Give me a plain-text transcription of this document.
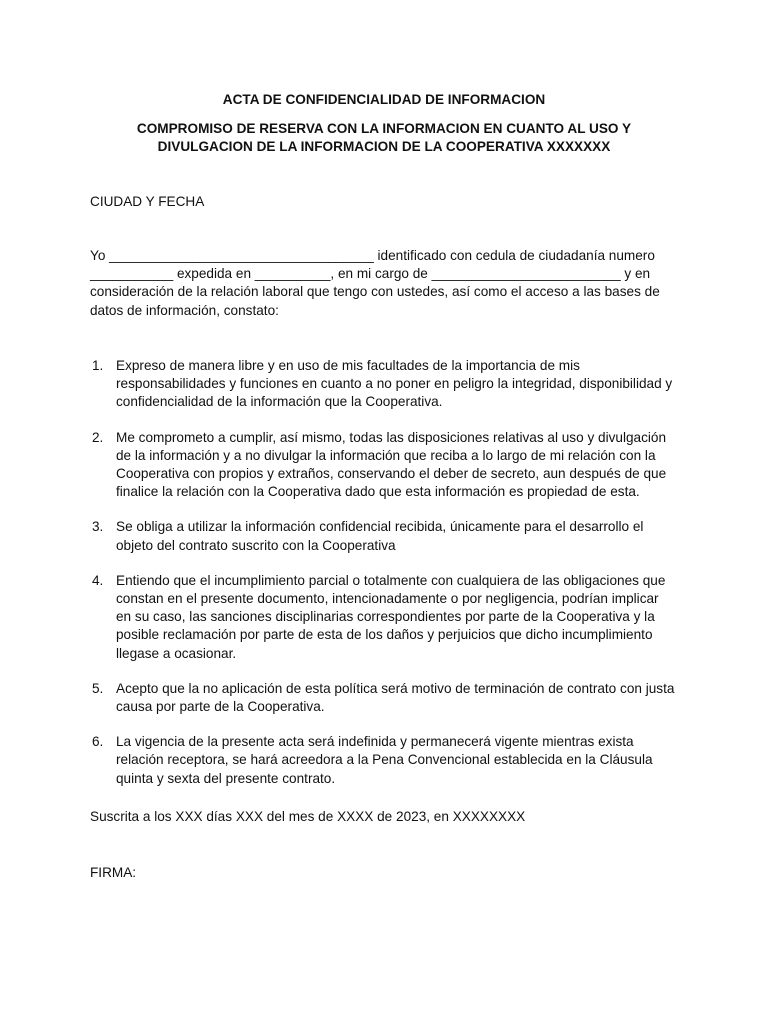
ACTA DE CONFIDENCIALIDAD DE INFORMACION
COMPROMISO DE RESERVA CON LA INFORMACION EN CUANTO AL USO Y
DIVULGACION DE LA INFORMACION DE LA COOPERATIVA XXXXXXX
CIUDAD Y FECHA
Yo ___________________________________ identificado con cedula de ciudadanía numero
___________ expedida en __________, en mi cargo de _________________________ y en
consideración de la relación laboral que tengo con ustedes, así como el acceso a las bases de
datos de información, constato:
1. Expreso de manera libre y en uso de mis facultades de la importancia de mis
responsabilidades y funciones en cuanto a no poner en peligro la integridad, disponibilidad y
confidencialidad de la información que la Cooperativa.
2. Me comprometo a cumplir, así mismo, todas las disposiciones relativas al uso y divulgación
de la información y a no divulgar la información que reciba a lo largo de mi relación con la
Cooperativa con propios y extraños, conservando el deber de secreto, aun después de que
finalice la relación con la Cooperativa dado que esta información es propiedad de esta.
3. Se obliga a utilizar la información confidencial recibida, únicamente para el desarrollo el
objeto del contrato suscrito con la Cooperativa
4. Entiendo que el incumplimiento parcial o totalmente con cualquiera de las obligaciones que
constan en el presente documento, intencionadamente o por negligencia, podrían implicar
en su caso, las sanciones disciplinarias correspondientes por parte de la Cooperativa y la
posible reclamación por parte de esta de los daños y perjuicios que dicho incumplimiento
llegase a ocasionar.
5. Acepto que la no aplicación de esta política será motivo de terminación de contrato con justa
causa por parte de la Cooperativa.
6. La vigencia de la presente acta será indefinida y permanecerá vigente mientras exista
relación receptora, se hará acreedora a la Pena Convencional establecida en la Cláusula
quinta y sexta del presente contrato.
Suscrita a los XXX días XXX del mes de XXXX de 2023, en XXXXXXXX
FIRMA:
